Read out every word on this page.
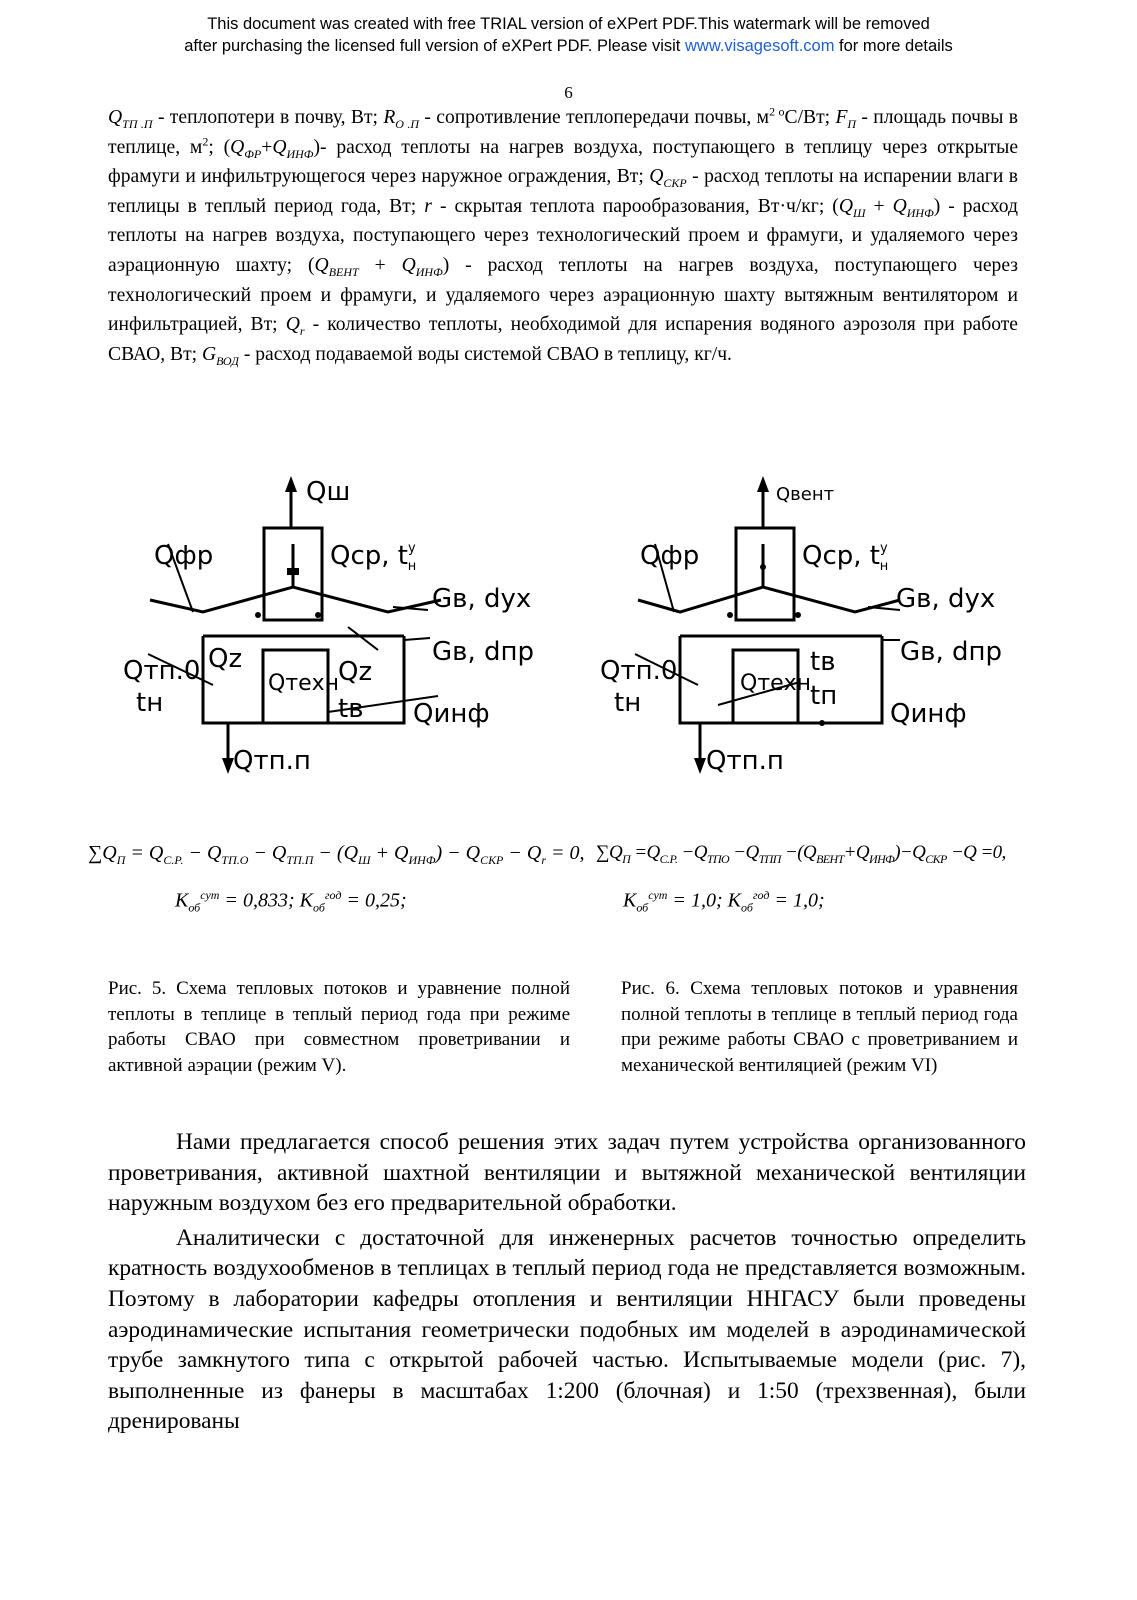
This document was created with free TRIAL version of eXPert PDF.This watermark will be removed
after purchasing the licensed full version of eXPert PDF. Please visit www.visagesoft.com for more details
6
$Q_{ТП .П}$ - теплопотери в почву, Вт; $R_{О .П}$ - сопротивление теплопередачи почвы, $м^{2 о}С/Вт$; $F_П$ - площадь почвы в теплице, $м^2$; $(Q_{ФР}+Q_{ИНФ})-$ расход теплоты на нагрев воздуха, поступающего в теплицу через открытые фрамуги и инфильтрующегося через наружное ограждения, Вт; $Q_{СКР}$ - расход теплоты на испарении влаги в теплицы в теплый период года, Вт; r - скрытая теплота парообразования, Вт·ч/кг; $(Q_Ш + Q_{ИНФ})$ - расход теплоты на нагрев воздуха, поступающего через технологический проем и фрамуги, и удаляемого через аэрационную шахту; $(Q_{ВЕНТ} + Q_{ИНФ})$ - расход теплоты на нагрев воздуха, поступающего через технологический проем и фрамуги, и удаляемого через аэрационную шахту вытяжным вентилятором и инфильтрацией, Вт; $Q_r$ - количество теплоты, необходимой для испарения водяного аэрозоля при работе СВАО, Вт; $G_{ВОД}$ - расход подаваемой воды системой СВАО в теплицу, кг/ч.
Qш
Qфр	Qср, $t^у$ н
Gв, dух
Gв, dпр
Qтп.0
tн
Qz	Qz
Qтехн
tв Qинф
Qтп.п
Qвент
Qфр	Qср, $t^у$ н
Gв, dух
Gв, dпр
Qтп.0
tн
Qтехн
tв
tп
Qинф
Qтп.п
$\sum Q_П = Q_{С.Р.} - Q_{ТП.О} - Q_{ТП.П} - (Q_Ш + Q_{ИНФ}) - Q_{СКР} - Q_r = 0$, $\sum Q_П =Q_{С.Р.} -Q_{ТПО} -Q_{ТПП} -(Q_{ВЕНТ}+Q_{ИНФ})-Q_{СКР} -Q =0$,
$K_{об}^{сут} = 0,833$; $K_{об}^{год} = 0,25$;	$K_{об}^{сут} = 1,0$; $K_{об}^{год} = 1,0$;
Рис. 5. Схема тепловых потоков и уравнение полной теплоты в теплице в теплый период года при режиме работы СВАО при совместном проветривании и активной аэрации (режим V).
Рис. 6. Схема тепловых потоков и уравнения полной теплоты в теплице в теплый период года при режиме работы СВАО с проветриванием и механической вентиляцией (режим VI)

Нами предлагается способ решения этих задач путем устройства организованного проветривания, активной шахтной вентиляции и вытяжной механической вентиляции наружным воздухом без его предварительной обработки.

Аналитически с достаточной для инженерных расчетов точностью определить кратность воздухообменов в теплицах в теплый период года не представляется возможным. Поэтому в лаборатории кафедры отопления и вентиляции ННГАСУ были проведены аэродинамические испытания геометрически подобных им моделей в аэродинамической трубе замкнутого типа с открытой рабочей частью. Испытываемые модели (рис. 7), выполненные из фанеры в масштабах 1:200 (блочная) и 1:50 (трехзвенная), были дренированы
